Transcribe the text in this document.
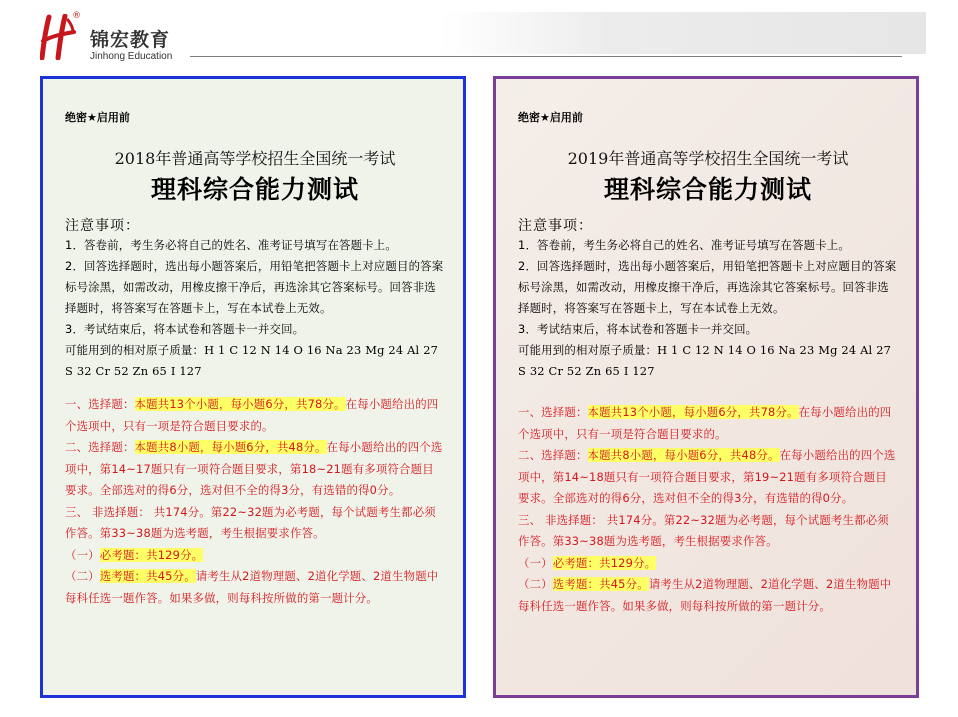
®
锦宏教育
Jinhong Education
绝密★启用前
2018年普通高等学校招生全国统一考试
理科综合能力测试
注意事项：

1．答卷前，考生务必将自己的姓名、准考证号填写在答题卡上。

2．回答选择题时，选出每小题答案后，用铅笔把答题卡上对应题目的答案标号涂黑，如需改动，用橡皮擦干净后，再选涂其它答案标号。回答非选择题时，将答案写在答题卡上，写在本试卷上无效。

3．考试结束后，将本试卷和答题卡一并交回。

可能用到的相对原子质量：H 1 C 12 N 14 O 16 Na 23 Mg 24 Al 27 S 32 Cr 52 Zn 65 I 127

一、选择题：本题共13个小题，每小题6分，共78分。在每小题给出的四个选项中，只有一项是符合题目要求的。

二、选择题：本题共8小题，每小题6分，共48分。在每小题给出的四个选项中，第14~17题只有一项符合题目要求，第18~21题有多项符合题目要求。全部选对的得6分，选对但不全的得3分，有选错的得0分。

三、 非选择题： 共174分。第22~32题为必考题，每个试题考生都必须作答。第33~38题为选考题，考生根据要求作答。

（一）必考题：共129分。

（二）选考题：共45分。请考生从2道物理题、2道化学题、2道生物题中每科任选一题作答。如果多做，则每科按所做的第一题计分。

绝密★启用前
2019年普通高等学校招生全国统一考试
理科综合能力测试
注意事项：

1．答卷前，考生务必将自己的姓名、准考证号填写在答题卡上。

2．回答选择题时，选出每小题答案后，用铅笔把答题卡上对应题目的答案标号涂黑，如需改动，用橡皮擦干净后，再选涂其它答案标号。回答非选择题时，将答案写在答题卡上，写在本试卷上无效。

3．考试结束后，将本试卷和答题卡一并交回。

可能用到的相对原子质量：H 1 C 12 N 14 O 16 Na 23 Mg 24 Al 27 S 32 Cr 52 Zn 65 I 127

一、选择题：本题共13个小题，每小题6分，共78分。在每小题给出的四个选项中，只有一项是符合题目要求的。

二、选择题：本题共8小题，每小题6分，共48分。在每小题给出的四个选项中，第14~18题只有一项符合题目要求，第19~21题有多项符合题目要求。全部选对的得6分，选对但不全的得3分，有选错的得0分。

三、 非选择题： 共174分。第22~32题为必考题，每个试题考生都必须作答。第33~38题为选考题，考生根据要求作答。

（一）必考题：共129分。

（二）选考题：共45分。请考生从2道物理题、2道化学题、2道生物题中每科任选一题作答。如果多做，则每科按所做的第一题计分。
